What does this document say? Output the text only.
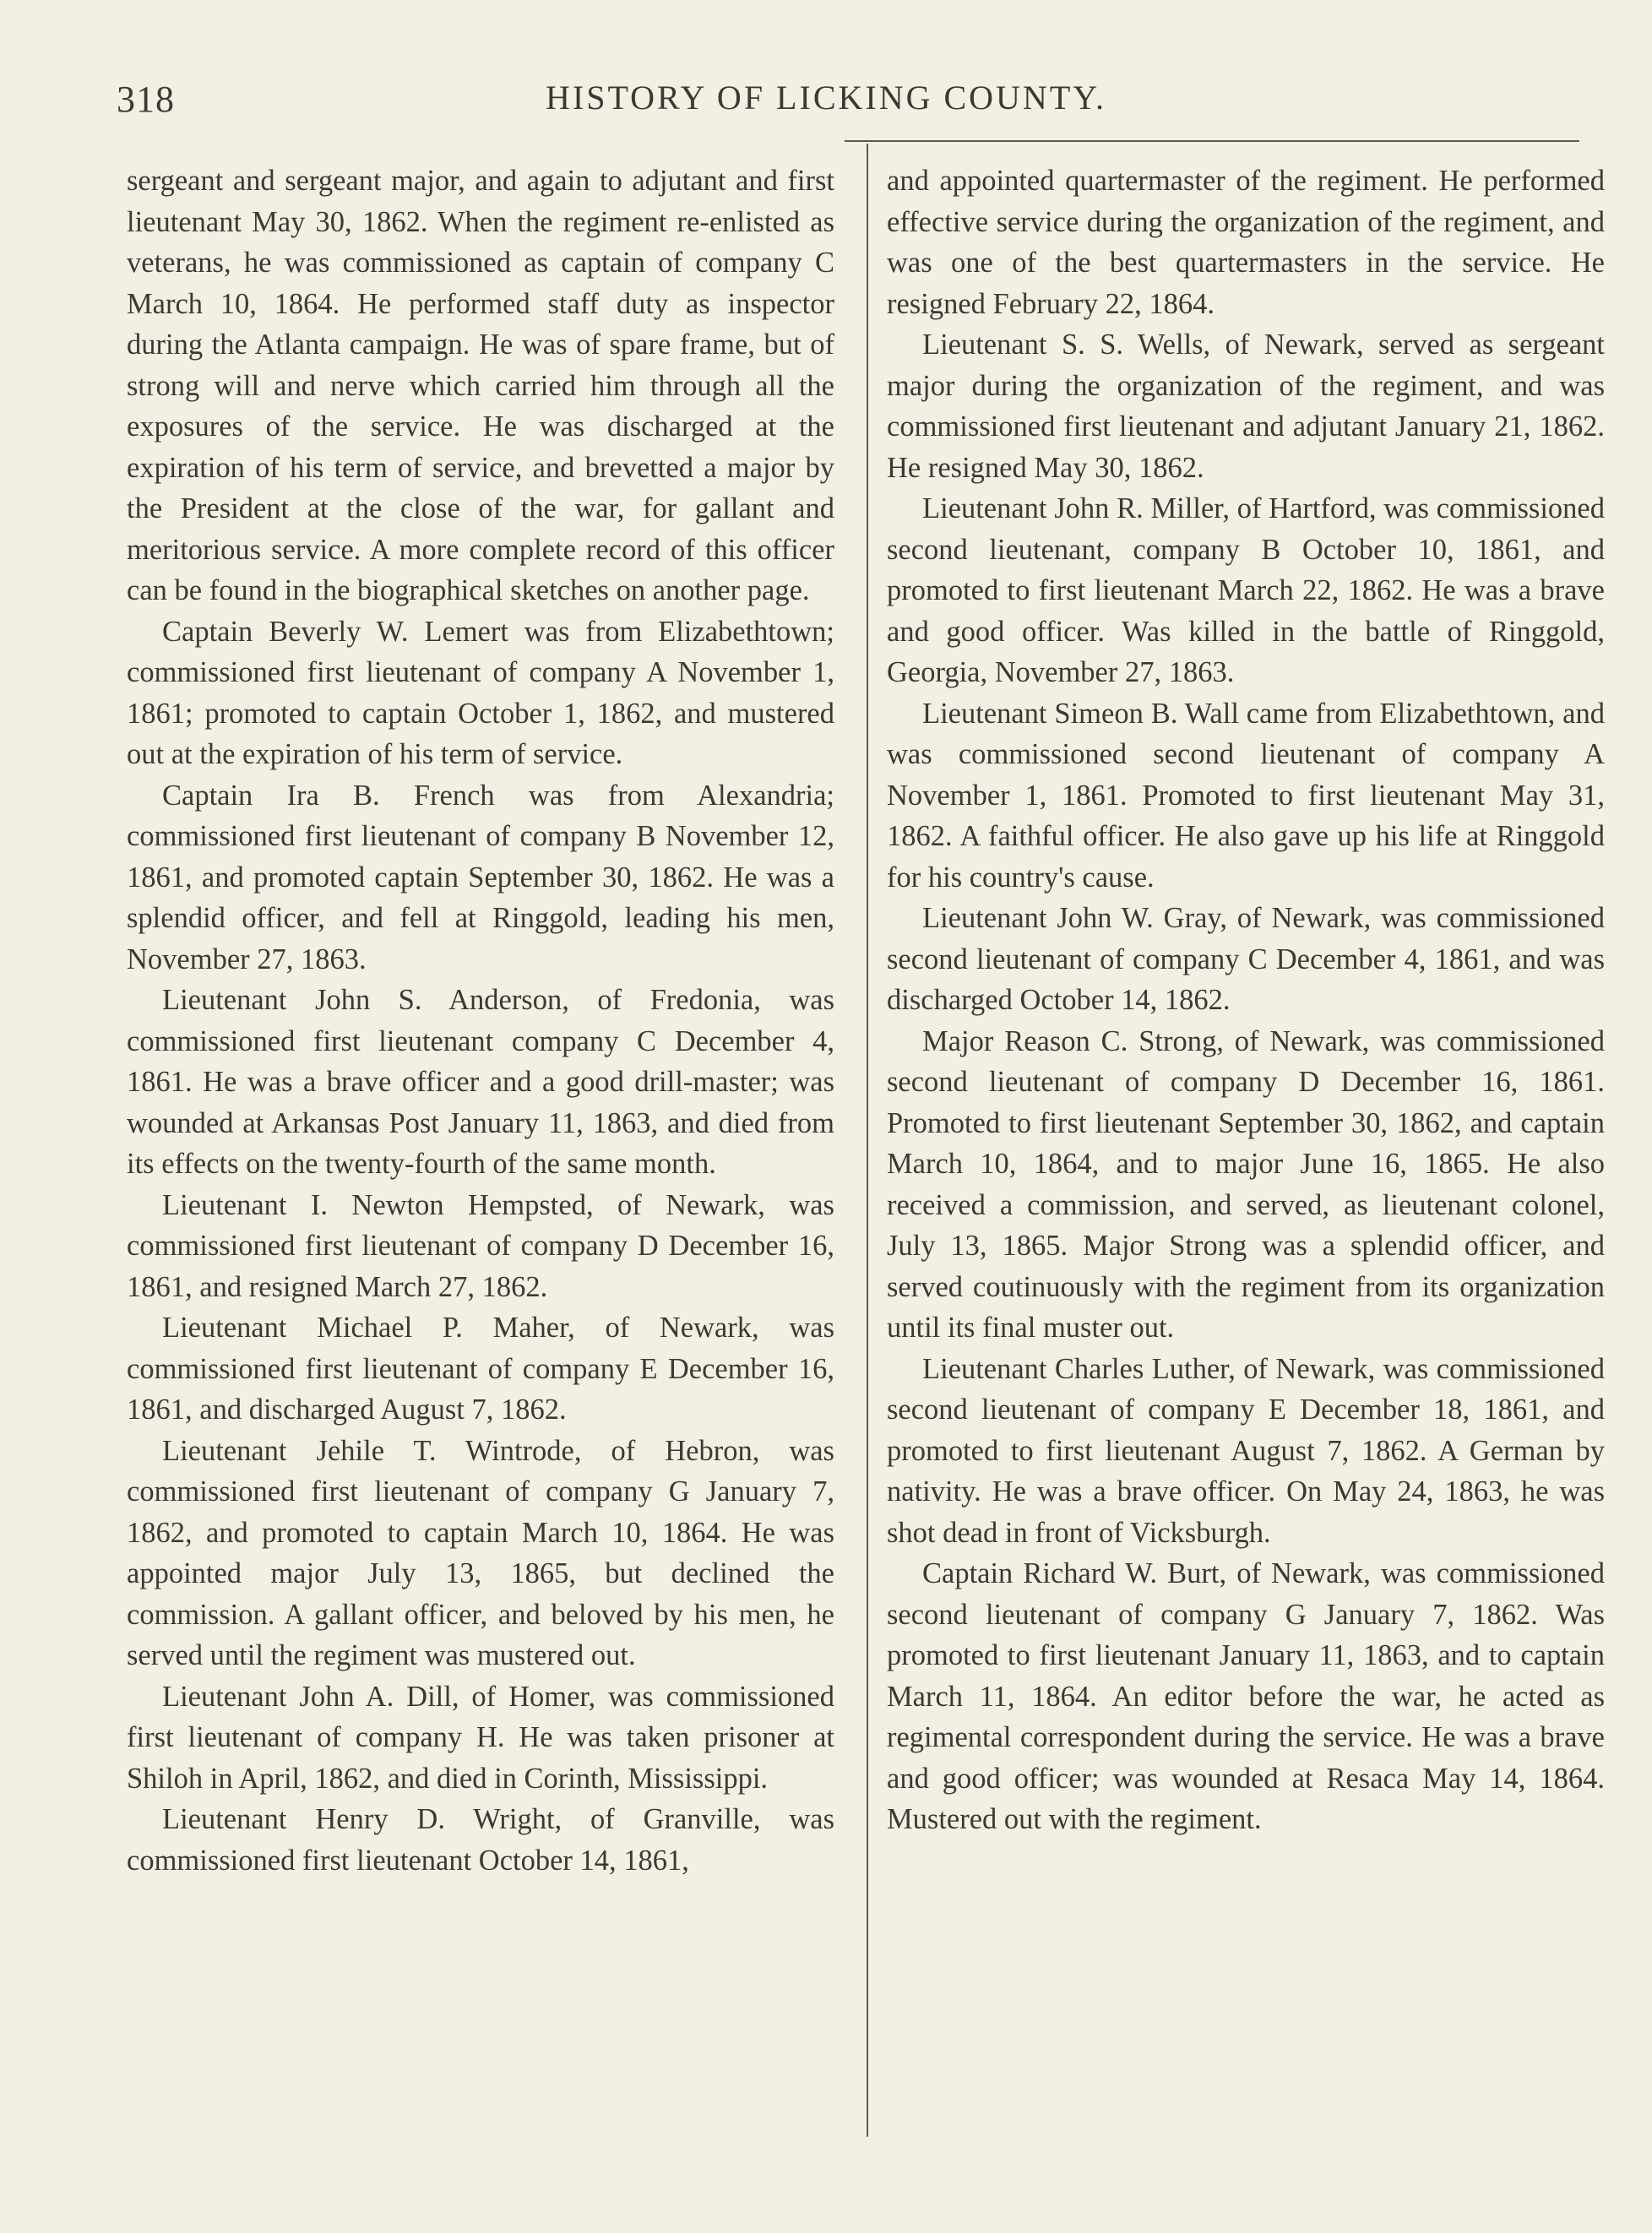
318	HISTORY OF LICKING COUNTY.

sergeant and sergeant major, and again to adjutant and first lieutenant May 30, 1862. When the regiment re-enlisted as veterans, he was commissioned as captain of company C March 10, 1864. He performed staff duty as inspector during the Atlanta campaign. He was of spare frame, but of strong will and nerve which carried him through all the exposures of the service. He was discharged at the expiration of his term of service, and brevetted a major by the President at the close of the war, for gallant and meritorious service. A more complete record of this officer can be found in the biographical sketches on another page.

Captain Beverly W. Lemert was from Elizabethtown; commissioned first lieutenant of company A November 1, 1861; promoted to captain October 1, 1862, and mustered out at the expiration of his term of service.

Captain Ira B. French was from Alexandria; commissioned first lieutenant of company B November 12, 1861, and promoted captain September 30, 1862. He was a splendid officer, and fell at Ringgold, leading his men, November 27, 1863.

Lieutenant John S. Anderson, of Fredonia, was commissioned first lieutenant company C December 4, 1861. He was a brave officer and a good drill-master; was wounded at Arkansas Post January 11, 1863, and died from its effects on the twenty-fourth of the same month.

Lieutenant I. Newton Hempsted, of Newark, was commissioned first lieutenant of company D December 16, 1861, and resigned March 27, 1862.

Lieutenant Michael P. Maher, of Newark, was commissioned first lieutenant of company E December 16, 1861, and discharged August 7, 1862.

Lieutenant Jehile T. Wintrode, of Hebron, was commissioned first lieutenant of company G January 7, 1862, and promoted to captain March 10, 1864. He was appointed major July 13, 1865, but declined the commission. A gallant officer, and beloved by his men, he served until the regiment was mustered out.

Lieutenant John A. Dill, of Homer, was commissioned first lieutenant of company H. He was taken prisoner at Shiloh in April, 1862, and died in Corinth, Mississippi.

Lieutenant Henry D. Wright, of Granville, was commissioned first lieutenant October 14, 1861,

and appointed quartermaster of the regiment. He performed effective service during the organization of the regiment, and was one of the best quartermasters in the service. He resigned February 22, 1864.

Lieutenant S. S. Wells, of Newark, served as sergeant major during the organization of the regiment, and was commissioned first lieutenant and adjutant January 21, 1862. He resigned May 30, 1862.

Lieutenant John R. Miller, of Hartford, was commissioned second lieutenant, company B October 10, 1861, and promoted to first lieutenant March 22, 1862. He was a brave and good officer. Was killed in the battle of Ringgold, Georgia, November 27, 1863.

Lieutenant Simeon B. Wall came from Elizabethtown, and was commissioned second lieutenant of company A November 1, 1861. Promoted to first lieutenant May 31, 1862. A faithful officer. He also gave up his life at Ringgold for his country's cause.

Lieutenant John W. Gray, of Newark, was commissioned second lieutenant of company C December 4, 1861, and was discharged October 14, 1862.

Major Reason C. Strong, of Newark, was commissioned second lieutenant of company D December 16, 1861. Promoted to first lieutenant September 30, 1862, and captain March 10, 1864, and to major June 16, 1865. He also received a commission, and served, as lieutenant colonel, July 13, 1865. Major Strong was a splendid officer, and served coutinuously with the regiment from its organization until its final muster out.

Lieutenant Charles Luther, of Newark, was commissioned second lieutenant of company E December 18, 1861, and promoted to first lieutenant August 7, 1862. A German by nativity. He was a brave officer. On May 24, 1863, he was shot dead in front of Vicksburgh.

Captain Richard W. Burt, of Newark, was commissioned second lieutenant of company G January 7, 1862. Was promoted to first lieutenant January 11, 1863, and to captain March 11, 1864. An editor before the war, he acted as regimental correspondent during the service. He was a brave and good officer; was wounded at Resaca May 14, 1864. Mustered out with the regiment.
